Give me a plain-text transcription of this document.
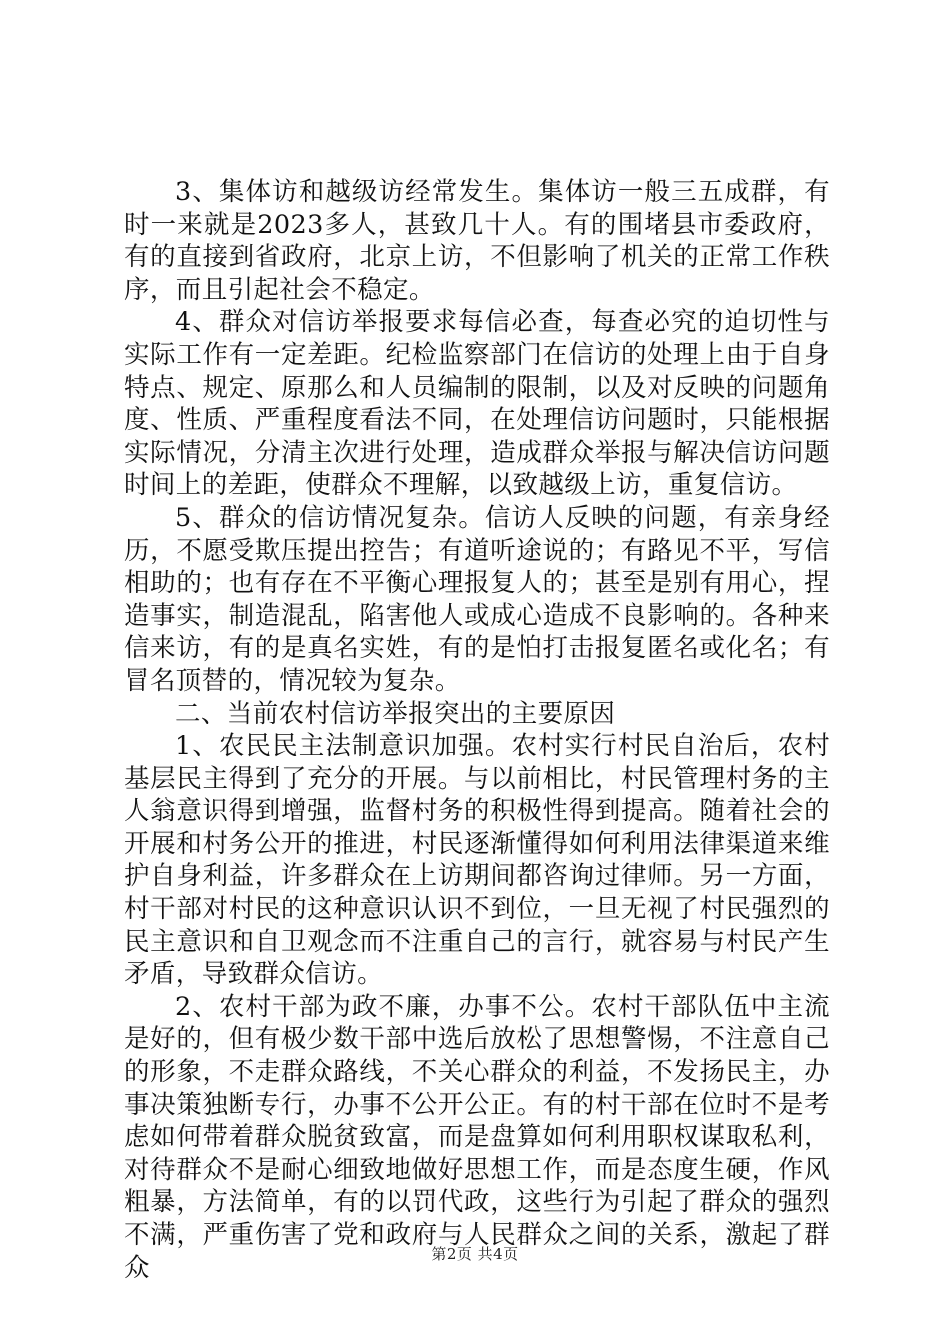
3、集体访和越级访经常发生。集体访一般三五成群，有时一来就是2023多人，甚致几十人。有的围堵县市委政府，有的直接到省政府，北京上访，不但影响了机关的正常工作秩序，而且引起社会不稳定。

4、群众对信访举报要求每信必查，每查必究的迫切性与实际工作有一定差距。纪检监察部门在信访的处理上由于自身特点、规定、原那么和人员编制的限制，以及对反映的问题角度、性质、严重程度看法不同，在处理信访问题时，只能根据实际情况，分清主次进行处理，造成群众举报与解决信访问题时间上的差距，使群众不理解，以致越级上访，重复信访。

5、群众的信访情况复杂。信访人反映的问题，有亲身经历，不愿受欺压提出控告；有道听途说的；有路见不平，写信相助的；也有存在不平衡心理报复人的；甚至是别有用心，捏造事实，制造混乱，陷害他人或成心造成不良影响的。各种来信来访，有的是真名实姓，有的是怕打击报复匿名或化名；有冒名顶替的，情况较为复杂。

二、当前农村信访举报突出的主要原因

1、农民民主法制意识加强。农村实行村民自治后，农村基层民主得到了充分的开展。与以前相比，村民管理村务的主人翁意识得到增强，监督村务的积极性得到提高。随着社会的开展和村务公开的推进，村民逐渐懂得如何利用法律渠道来维护自身利益，许多群众在上访期间都咨询过律师。另一方面，村干部对村民的这种意识认识不到位，一旦无视了村民强烈的民主意识和自卫观念而不注重自己的言行，就容易与村民产生矛盾，导致群众信访。

2、农村干部为政不廉，办事不公。农村干部队伍中主流是好的，但有极少数干部中选后放松了思想警惕，不注意自己的形象，不走群众路线，不关心群众的利益，不发扬民主，办事决策独断专行，办事不公开公正。有的村干部在位时不是考虑如何带着群众脱贫致富，而是盘算如何利用职权谋取私利，对待群众不是耐心细致地做好思想工作，而是态度生硬，作风粗暴，方法简单，有的以罚代政，这些行为引起了群众的强烈不满，严重伤害了党和政府与人民群众之间的关系，激起了群众	第2页 共4页
